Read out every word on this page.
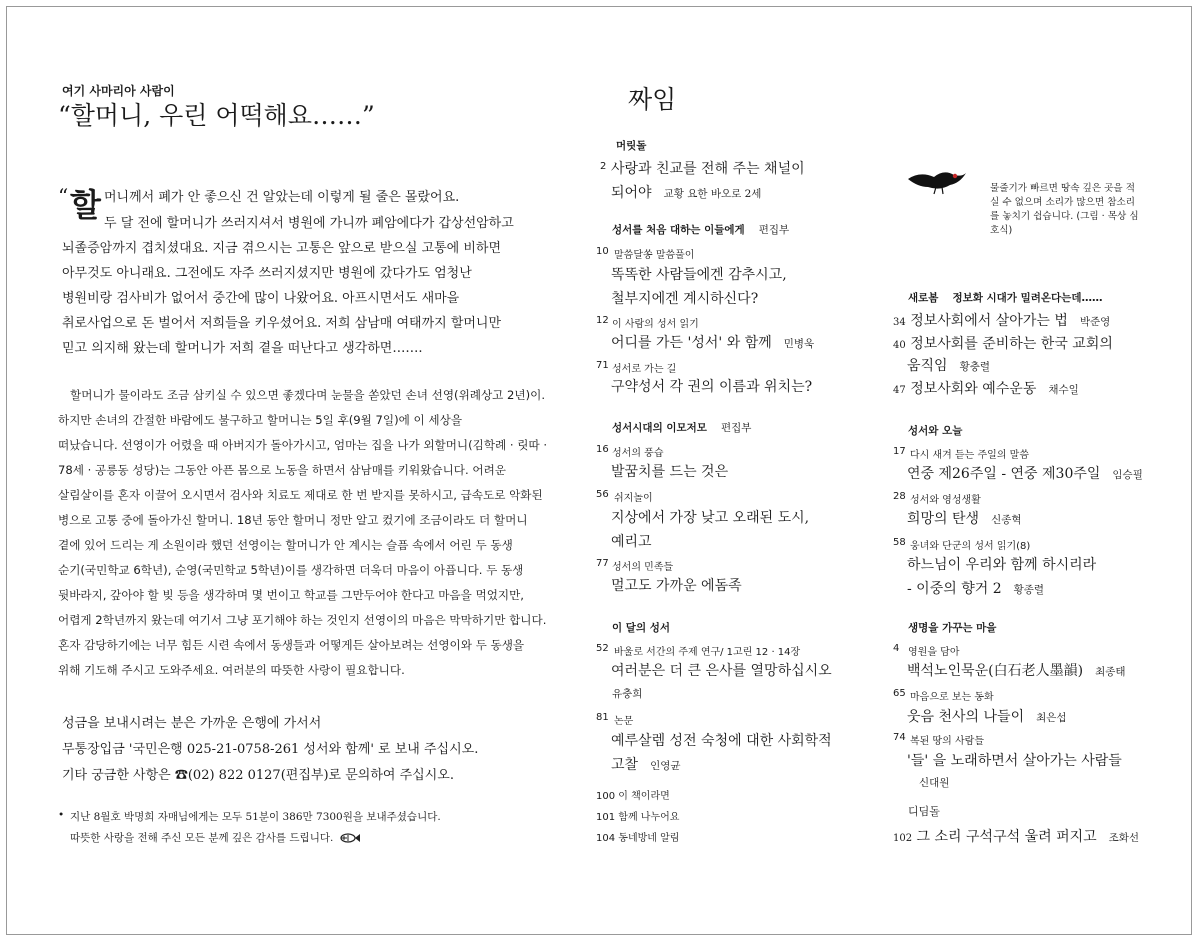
여기 사마리아 사람이
“할머니, 우린 어떡해요……”
“ 할 머니께서 폐가 안 좋으신 건 알았는데 이렇게 될 줄은 몰랐어요.
두 달 전에 할머니가 쓰러지셔서 병원에 가니까 폐암에다가 갑상선암하고
뇌졸증암까지 겹치셨대요. 지금 겪으시는 고통은 앞으로 받으실 고통에 비하면
아무것도 아니래요. 그전에도 자주 쓰러지셨지만 병원에 갔다가도 엄청난
병원비랑 검사비가 없어서 중간에 많이 나왔어요. 아프시면서도 새마을
취로사업으로 돈 벌어서 저희들을 키우셨어요. 저희 삼남매 여태까지 할머니만
믿고 의지해 왔는데 할머니가 저희 곁을 떠난다고 생각하면…….
할머니가 물이라도 조금 삼키실 수 있으면 좋겠다며 눈물을 쏟았던 손녀 선영(위례상고 2년)이.
하지만 손녀의 간절한 바람에도 불구하고 할머니는 5일 후(9월 7일)에 이 세상을
떠났습니다. 선영이가 어렸을 때 아버지가 돌아가시고, 엄마는 집을 나가 외할머니(김학례 · 릿따 ·
78세 · 공릉동 성당)는 그동안 아픈 몸으로 노동을 하면서 삼남매를 키워왔습니다. 어려운
살림살이를 혼자 이끌어 오시면서 검사와 치료도 제대로 한 번 받지를 못하시고, 급속도로 악화된
병으로 고통 중에 돌아가신 할머니. 18년 동안 할머니 정만 알고 컸기에 조금이라도 더 할머니
곁에 있어 드리는 게 소원이라 했던 선영이는 할머니가 안 계시는 슬픔 속에서 어린 두 동생
순기(국민학교 6학년), 순영(국민학교 5학년)이를 생각하면 더욱더 마음이 아픕니다. 두 동생
뒷바라지, 갚아야 할 빚 등을 생각하며 몇 번이고 학교를 그만두어야 한다고 마음을 먹었지만,
어렵게 2학년까지 왔는데 여기서 그냥 포기해야 하는 것인지 선영이의 마음은 막막하기만 합니다.
혼자 감당하기에는 너무 힘든 시련 속에서 동생들과 어떻게든 살아보려는 선영이와 두 동생을
위해 기도해 주시고 도와주세요. 여러분의 따뜻한 사랑이 필요합니다.
성금을 보내시려는 분은 가까운 은행에 가서서
무통장입금 '국민은행 025-21-0758-261 성서와 함께' 로 보내 주십시오.
기타 궁금한 사항은 ☎(02) 822 0127(편집부)로 문의하여 주십시오.
• 지난 8월호 박명희 자매님에게는 모두 51분이 386만 7300원을 보내주셨습니다.
따뜻한 사랑을 전해 주신 모든 분께 깊은 감사를 드립니다.
짜임
머릿돌
2 사랑과 친교를 전해 주는 채널이
되어야 교황 요한 바오로 2세
성서를 처음 대하는 이들에게 편집부
10 말씀달쏭 말씀풀이
똑똑한 사람들에겐 감추시고,
철부지에겐 계시하신다?
12 이 사람의 성서 읽기
어디를 가든 '성서' 와 함께 민병욱
71 성서로 가는 길
구약성서 각 권의 이름과 위치는?
성서시대의 이모저모 편집부
16 성서의 풍습
발꿈치를 드는 것은
56 쉬지놀이
지상에서 가장 낮고 오래된 도시,
예리고
77 성서의 민족들
멀고도 가까운 에돔족
이 달의 성서
52 바울로 서간의 주제 연구/ 1고린 12 · 14장
여러분은 더 큰 은사를 열망하십시오
유충희
81 논문
예루살렘 성전 숙청에 대한 사회학적
고찰 인영균
100 이 책이라면
101 함께 나누어요
104 동네방네 알림
물줄기가 빠르면 땅속 깊은 곳을 적실 수 없으며 소리가 많으면 참소리를 놓치기 쉽습니다. (그림 · 목상 심호식)
새로봄 정보화 시대가 밀려온다는데……
34 정보사회에서 살아가는 법 박준영
40 정보사회를 준비하는 한국 교회의
움직임 황충렬
47 정보사회와 예수운동 채수일
성서와 오늘
17 다시 새겨 듣는 주일의 말씀
연중 제26주일 - 연중 제30주일 임승필
28 성서와 영성생활
희망의 탄생 신종혁
58 웅녀와 단군의 성서 읽기(8)
하느님이 우리와 함께 하시리라
- 이중의 향거 2 황종렬
생명을 가꾸는 마을
4 영원을 담아
백석노인묵운(白石老人墨韻) 최종태
65 마음으로 보는 동화
웃음 천사의 나들이 최은섭
74 복된 땅의 사람들
'들' 을 노래하면서 살아가는 사람들
신대원
디딤돌
102 그 소리 구석구석 울려 퍼지고 조화선
